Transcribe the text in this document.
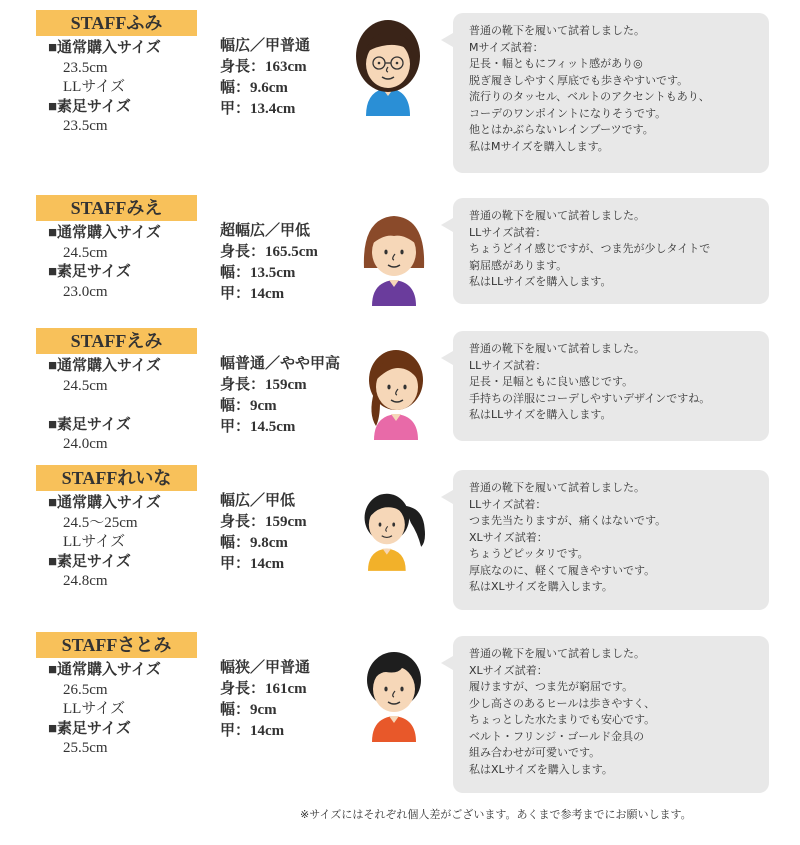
STAFFふみ
■通常購入サイズ
23.5cm
LLサイズ
■素足サイズ
23.5cm
幅広／甲普通
身長：163cm
幅：9.6cm
甲：13.4cm
普通の靴下を履いて試着しました。
Mサイズ試着：
足長・幅ともにフィット感があり◎
脱ぎ履きしやすく厚底でも歩きやすいです。
流行りのタッセル、ベルトのアクセントもあり、
コーデのワンポイントになりそうです。
他とはかぶらないレインブーツです。
私はMサイズを購入します。
STAFFみえ
■通常購入サイズ
24.5cm
■素足サイズ
23.0cm
超幅広／甲低
身長：165.5cm
幅：13.5cm
甲：14cm
普通の靴下を履いて試着しました。
LLサイズ試着：
ちょうどイイ感じですが、つま先が少しタイトで
窮屈感があります。
私はLLサイズを購入します。
STAFFえみ
■通常購入サイズ
24.5cm
■素足サイズ
24.0cm
幅普通／やや甲高
身長：159cm
幅：9cm
甲：14.5cm
普通の靴下を履いて試着しました。
LLサイズ試着：
足長・足幅ともに良い感じです。
手持ちの洋服にコーデしやすいデザインですね。
私はLLサイズを購入します。
STAFFれいな
■通常購入サイズ
24.5～25cm
LLサイズ
■素足サイズ
24.8cm
幅広／甲低
身長：159cm
幅：9.8cm
甲：14cm
普通の靴下を履いて試着しました。
LLサイズ試着：
つま先当たりますが、痛くはないです。
XLサイズ試着：
ちょうどピッタリです。
厚底なのに、軽くて履きやすいです。
私はXLサイズを購入します。
STAFFさとみ
■通常購入サイズ
26.5cm
LLサイズ
■素足サイズ
25.5cm
幅狭／甲普通
身長：161cm
幅：9cm
甲：14cm
普通の靴下を履いて試着しました。
XLサイズ試着：
履けますが、つま先が窮屈です。
少し高さのあるヒールは歩きやすく、
ちょっとした水たまりでも安心です。
ベルト・フリンジ・ゴールド金具の
組み合わせが可愛いです。
私はXLサイズを購入します。
※サイズにはそれぞれ個人差がございます。あくまで参考までにお願いします。
